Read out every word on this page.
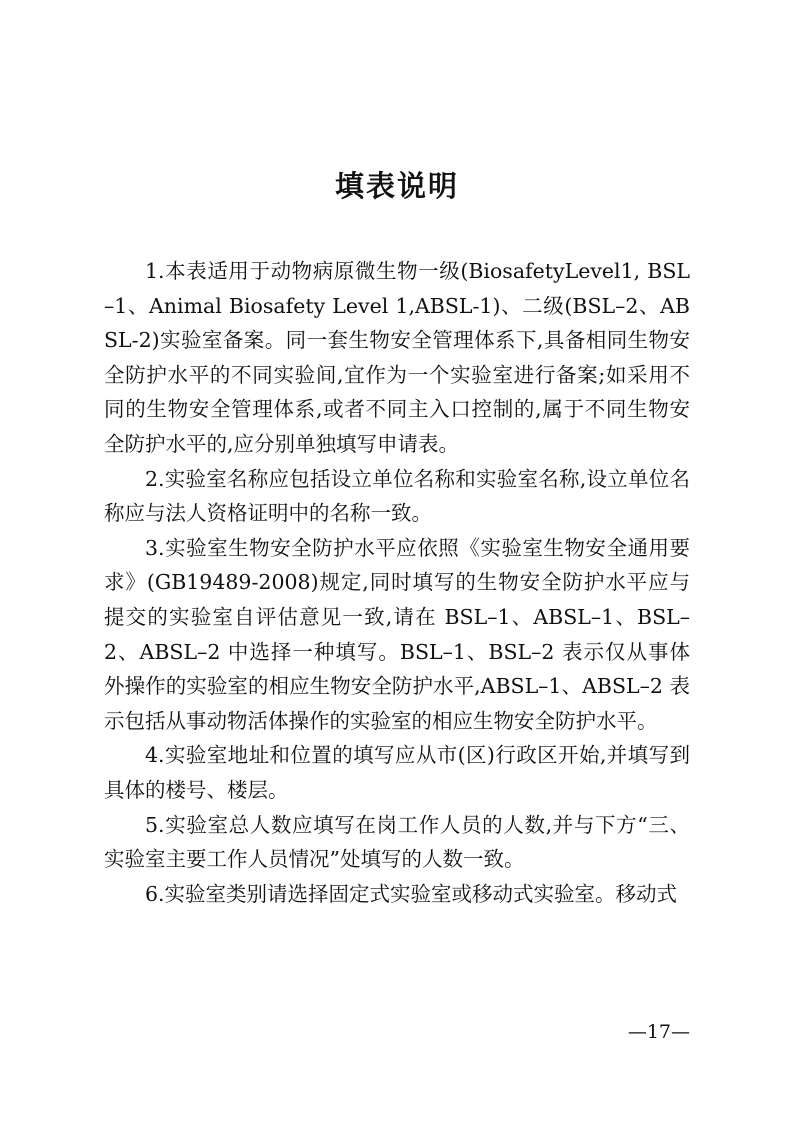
填表说明

1.本表适用于动物病原微生物一级(BiosafetyLevel1, BSL–1、Animal Biosafety Level 1,ABSL-1)、二级(BSL–2、ABSL-2)实验室备案。同一套生物安全管理体系下,具备相同生物安全防护水平的不同实验间,宜作为一个实验室进行备案;如采用不同的生物安全管理体系,或者不同主入口控制的,属于不同生物安全防护水平的,应分别单独填写申请表。

2.实验室名称应包括设立单位名称和实验室名称,设立单位名称应与法人资格证明中的名称一致。

3.实验室生物安全防护水平应依照《实验室生物安全通用要求》(GB19489-2008)规定,同时填写的生物安全防护水平应与提交的实验室自评估意见一致,请在 BSL–1、ABSL–1、BSL–2、ABSL–2 中选择一种填写。BSL–1、BSL–2 表示仅从事体外操作的实验室的相应生物安全防护水平,ABSL–1、ABSL–2 表示包括从事动物活体操作的实验室的相应生物安全防护水平。

4.实验室地址和位置的填写应从市(区)行政区开始,并填写到具体的楼号、楼层。

5.实验室总人数应填写在岗工作人员的人数,并与下方“三、实验室主要工作人员情况”处填写的人数一致。

6.实验室类别请选择固定式实验室或移动式实验室。移动式

—17—
